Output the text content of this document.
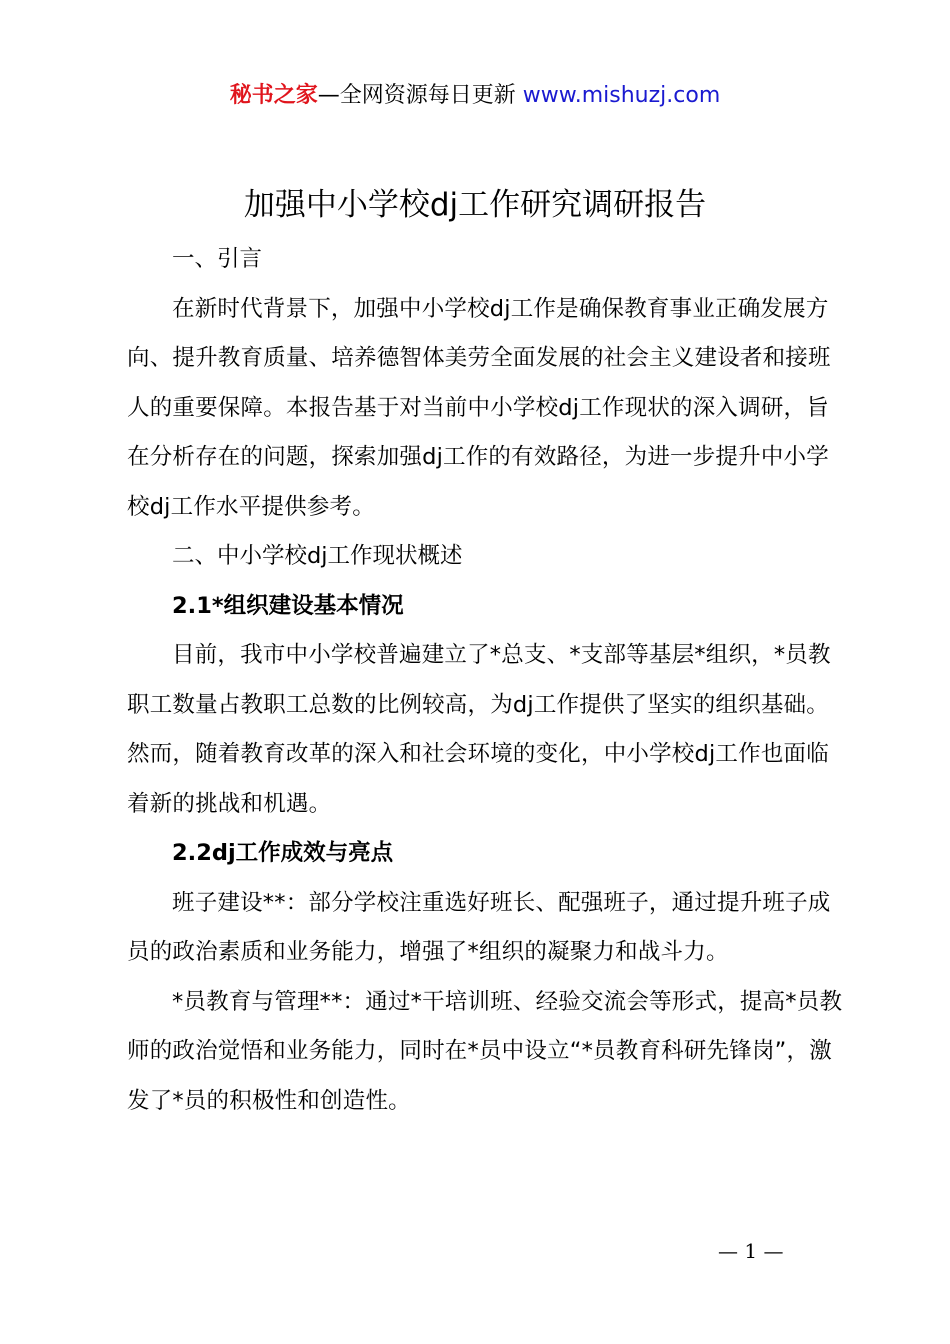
秘书之家—全网资源每日更新 www.mishuzj.com
加强中小学校dj工作研究调研报告

一、引言

在新时代背景下，加强中小学校dj工作是确保教育事业正确发展方向、提升教育质量、培养德智体美劳全面发展的社会主义建设者和接班人的重要保障。本报告基于对当前中小学校dj工作现状的深入调研，旨在分析存在的问题，探索加强dj工作的有效路径，为进一步提升中小学校dj工作水平提供参考。

二、中小学校dj工作现状概述

2.1*组织建设基本情况

目前，我市中小学校普遍建立了*总支、*支部等基层*组织，*员教职工数量占教职工总数的比例较高，为dj工作提供了坚实的组织基础。然而，随着教育改革的深入和社会环境的变化，中小学校dj工作也面临着新的挑战和机遇。

2.2dj工作成效与亮点

班子建设**：部分学校注重选好班长、配强班子，通过提升班子成员的政治素质和业务能力，增强了*组织的凝聚力和战斗力。

*员教育与管理**：通过*干培训班、经验交流会等形式，提高*员教师的政治觉悟和业务能力，同时在*员中设立“*员教育科研先锋岗”，激发了*员的积极性和创造性。

— 1 —
